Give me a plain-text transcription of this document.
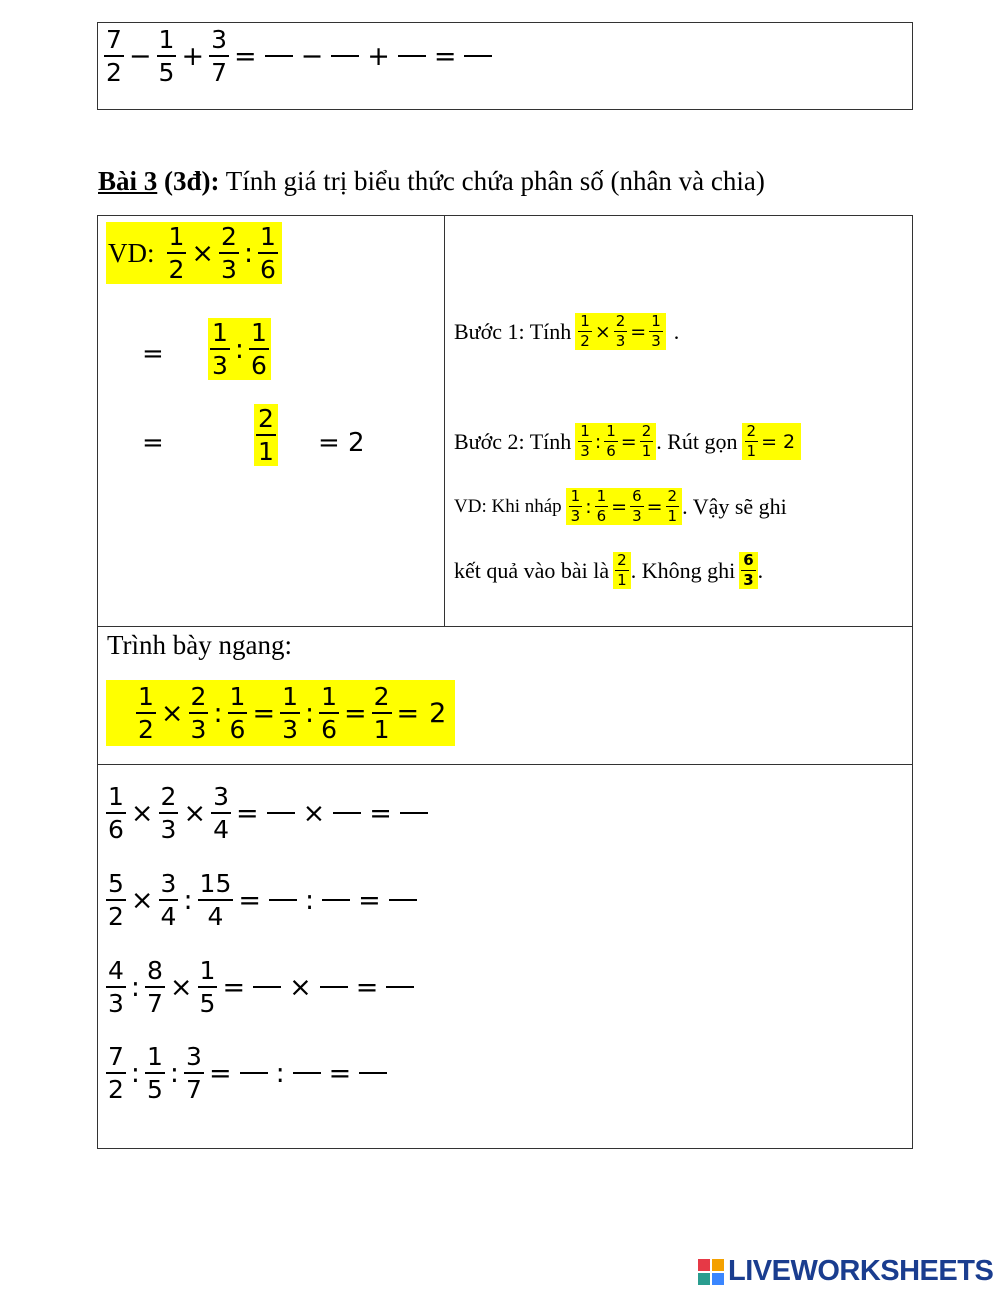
$\frac{7}{2} - \frac{1}{5} + \frac{3}{7}$ = − + =
Bài 3 (3đ): Tính giá trị biểu thức chứa phân số (nhân và chia)
VD: $\frac{1}{2} \times \frac{2}{3}$ : $\frac{1}{6}$
= $\frac{1}{3}$ : $\frac{1}{6}$
=	$\frac{2}{1} = 2$
Bước 1: Tính $\frac{1}{2} \times \frac{2}{3} = \frac{1}{3}$ .
Bước 2: Tính $\frac{1}{3}$ : $\frac{1}{6} = \frac{2}{1}$ . Rút gọn $\frac{2}{1} = 2$
VD: Khi nháp $\frac{1}{3}$ : $\frac{1}{6} = \frac{6}{3} = \frac{2}{1}$ . Vậy sẽ ghi
kết quả vào bài là $\frac{2}{1}$ . Không ghi $\frac{6}{3}$ .
Trình bày ngang:
$\frac{1}{2} \times \frac{2}{3}$ : $\frac{1}{6} = \frac{1}{3}$ : $\frac{1}{6} = \frac{2}{1} = 2$
$\frac{1}{6} \times \frac{2}{3} \times \frac{3}{4}$ = × =
$\frac{5}{2} \times \frac{3}{4}$ : $\frac{15}{4}$ = : =
$\frac{4}{3}$ : $\frac{8}{7} \times \frac{1}{5}$ = × =
$\frac{7}{2}$ : $\frac{1}{5}$ : $\frac{3}{7}$ = : =
LIVEWORKSHEETS
